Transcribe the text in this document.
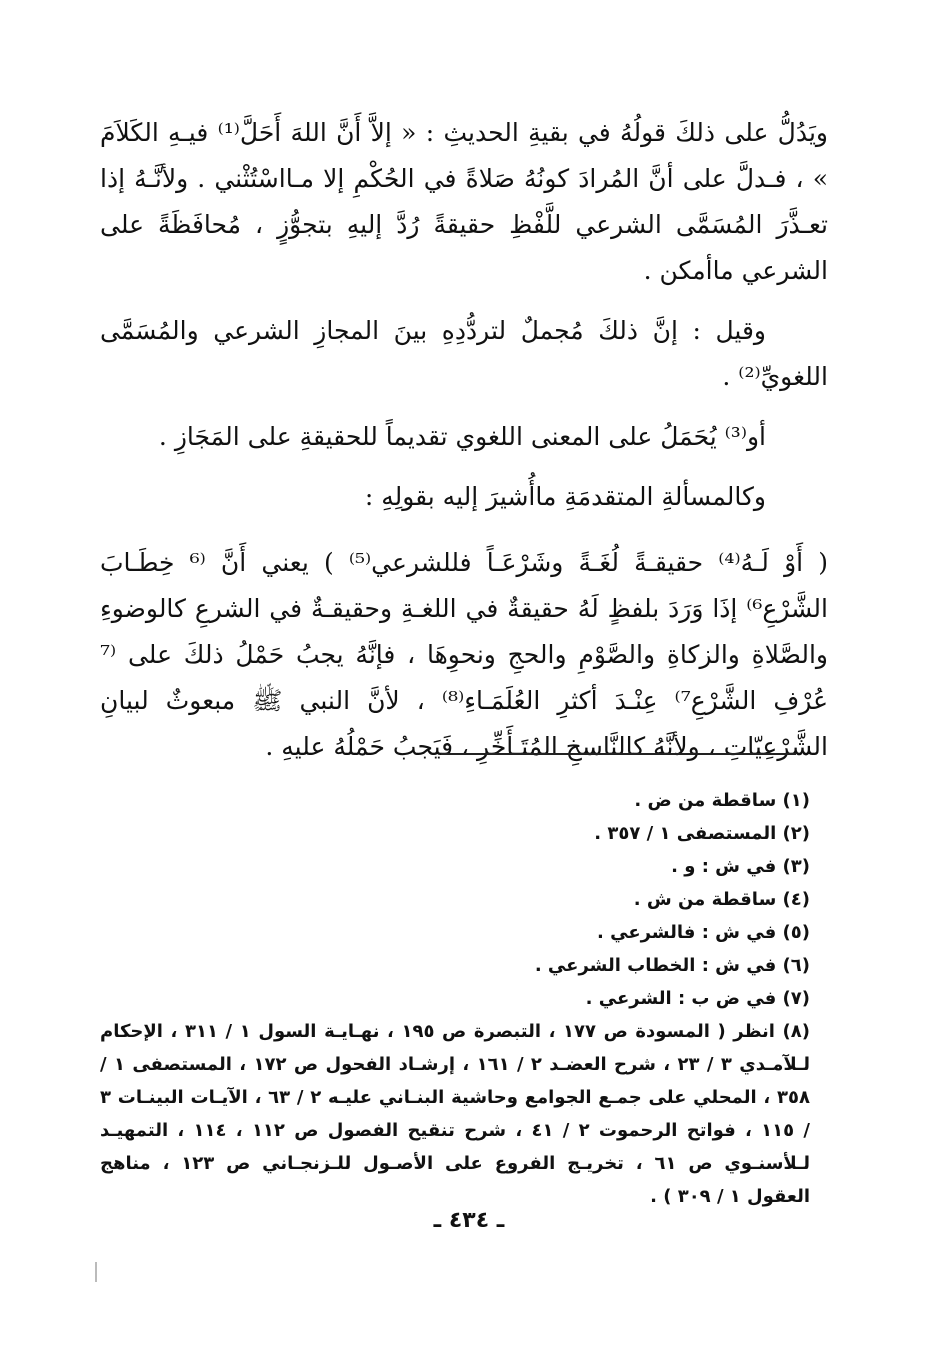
ويَدُلُّ على ذلكَ قولُهُ في بقيةِ الحديثِ : « إلاَّ أَنَّ اللهَ أَحَلَّ⁽¹⁾ فيـهِ الكَلاَمَ » ، فـدلَّ على أنَّ المُرادَ كونُهُ صَلاةً في الحُكْمِ إلا مـااسْتُثْني . ولأنَّـهُ إذا تعـذَّرَ المُسَمَّى الشرعي للَّفْظِ حقيقةً رُدَّ إليهِ بتجوُّزٍ ، مُحافَظَةً على الشرعي ماأمكن .

وقيل : إنَّ ذلكَ مُجملٌ لتردُّدِهِ بينَ المجازِ الشرعي والمُسَمَّى اللغويِّ⁽²⁾ .

أو⁽³⁾ يُحَمَلُ على المعنى اللغوي تقديماً للحقيقةِ على المَجَازِ .

وكالمسألةِ المتقدمَةِ ماأُشيرَ إليه بقولِهِ :

( أَوْ لَـهُ⁽⁴⁾ حقيقـةً لُغَـةً وشَرْعَـاً فللشرعي⁽⁵⁾ ) يعني أَنَّ ⁽⁶ خِطَـابَ الشَّرْعِ⁶⁾ إذَا وَرَدَ بلفظٍ لَهُ حقيقةٌ في اللغـةِ وحقيقـةٌ في الشرعِ كالوضوءِ والصَّلاةِ والزكاةِ والصَّوْمِ والحجِ ونحوِهَا ، فإنَّهُ يجبُ حَمْلُ ذلكَ على ⁽⁷ عُرْفِ الشَّرْعِ⁷⁾ عِنْـدَ أكثرِ العُلَمَـاءِ⁽⁸⁾ ، لأنَّ النبي ﷺ مبعوثٌ لبيانِ الشَّرْعِيّاتِ ، ولأنَّهُ كالنَّاسخِ المُتَـأَخِّرِ ، فَيَجبُ حَمْلُهُ عليهِ .

(١) ساقطة من ض .

(٢) المستصفى ١ / ٣٥٧ .

(٣) في ش : و .

(٤) ساقطة من ش .

(٥) في ش : فالشرعي .

(٦) في ش : الخطاب الشرعي .

(٧) في ض ب : الشرعي .

(٨) انظر ( المسودة ص ١٧٧ ، التبصرة ص ١٩٥ ، نهـايـة السول ١ / ٣١١ ، الإحكام لـلآمـدي ٣ / ٢٣ ، شرح العضـد ٢ / ١٦١ ، إرشـاد الفحول ص ١٧٢ ، المستصفى ١ / ٣٥٨ ، المحلي على جمـع الجوامع وحاشية البنـاني عليـه ٢ / ٦٣ ، الآيـات البينـات ٣ / ١١٥ ، فواتح الرحموت ٢ / ٤١ ، شرح تنقيح الفصول ص ١١٢ ، ١١٤ ، التمهيـد لـلأسنـوي ص ٦١ ، تخريـج الفروع على الأصـول للـزنجـاني ص ١٢٣ ، مناهج العقول ١ / ٣٠٩ ) .

ـ ٤٣٤ ـ
